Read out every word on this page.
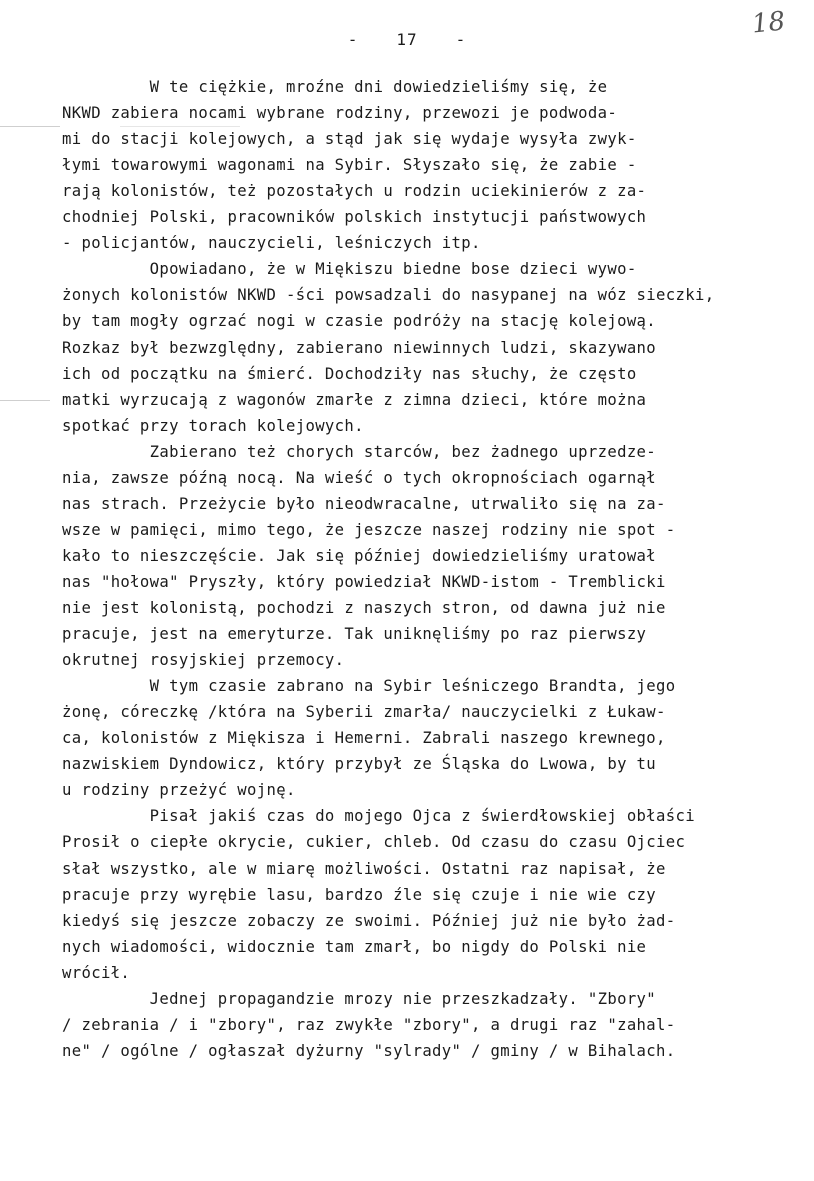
- 17 -	18
W te ciężkie, mroźne dni dowiedzieliśmy się, że
NKWD zabiera nocami wybrane rodziny, przewozi je podwoda-
mi do stacji kolejowych, a stąd jak się wydaje wysyła zwyk-
łymi towarowymi wagonami na Sybir. Słyszało się, że zabie -
rają kolonistów, też pozostałych u rodzin uciekinierów z za-
chodniej Polski, pracowników polskich instytucji państwowych
- policjantów, nauczycieli, leśniczych itp.
Opowiadano, że w Miękiszu biedne bose dzieci wywo-
żonych kolonistów NKWD -ści powsadzali do nasypanej na wóz sieczki,
by tam mogły ogrzać nogi w czasie podróży na stację kolejową.
Rozkaz był bezwzględny, zabierano niewinnych ludzi, skazywano
ich od początku na śmierć. Dochodziły nas słuchy, że często
matki wyrzucają z wagonów zmarłe z zimna dzieci, które można
spotkać przy torach kolejowych.
Zabierano też chorych starców, bez żadnego uprzedze-
nia, zawsze późną nocą. Na wieść o tych okropnościach ogarnął
nas strach. Przeżycie było nieodwracalne, utrwaliło się na za-
wsze w pamięci, mimo tego, że jeszcze naszej rodziny nie spot -
kało to nieszczęście. Jak się później dowiedzieliśmy uratował
nas "hołowa" Pryszły, który powiedział NKWD-istom - Tremblicki
nie jest kolonistą, pochodzi z naszych stron, od dawna już nie
pracuje, jest na emeryturze. Tak uniknęliśmy po raz pierwszy
okrutnej rosyjskiej przemocy.
W tym czasie zabrano na Sybir leśniczego Brandta, jego
żonę, córeczkę /która na Syberii zmarła/ nauczycielki z Łukaw-
ca, kolonistów z Miękisza i Hemerni. Zabrali naszego krewnego,
nazwiskiem Dyndowicz, który przybył ze Śląska do Lwowa, by tu
u rodziny przeżyć wojnę.
Pisał jakiś czas do mojego Ojca z świerdłowskiej obłaści
Prosił o ciepłe okrycie, cukier, chleb. Od czasu do czasu Ojciec
słał wszystko, ale w miarę możliwości. Ostatni raz napisał, że
pracuje przy wyrębie lasu, bardzo źle się czuje i nie wie czy
kiedyś się jeszcze zobaczy ze swoimi. Później już nie było żad-
nych wiadomości, widocznie tam zmarł, bo nigdy do Polski nie
wrócił.
Jednej propagandzie mrozy nie przeszkadzały. "Zbory"
/ zebrania / i "zbory", raz zwykłe "zbory", a drugi raz "zahal-
ne" / ogólne / ogłaszał dyżurny "sylrady" / gminy / w Bihalach.
